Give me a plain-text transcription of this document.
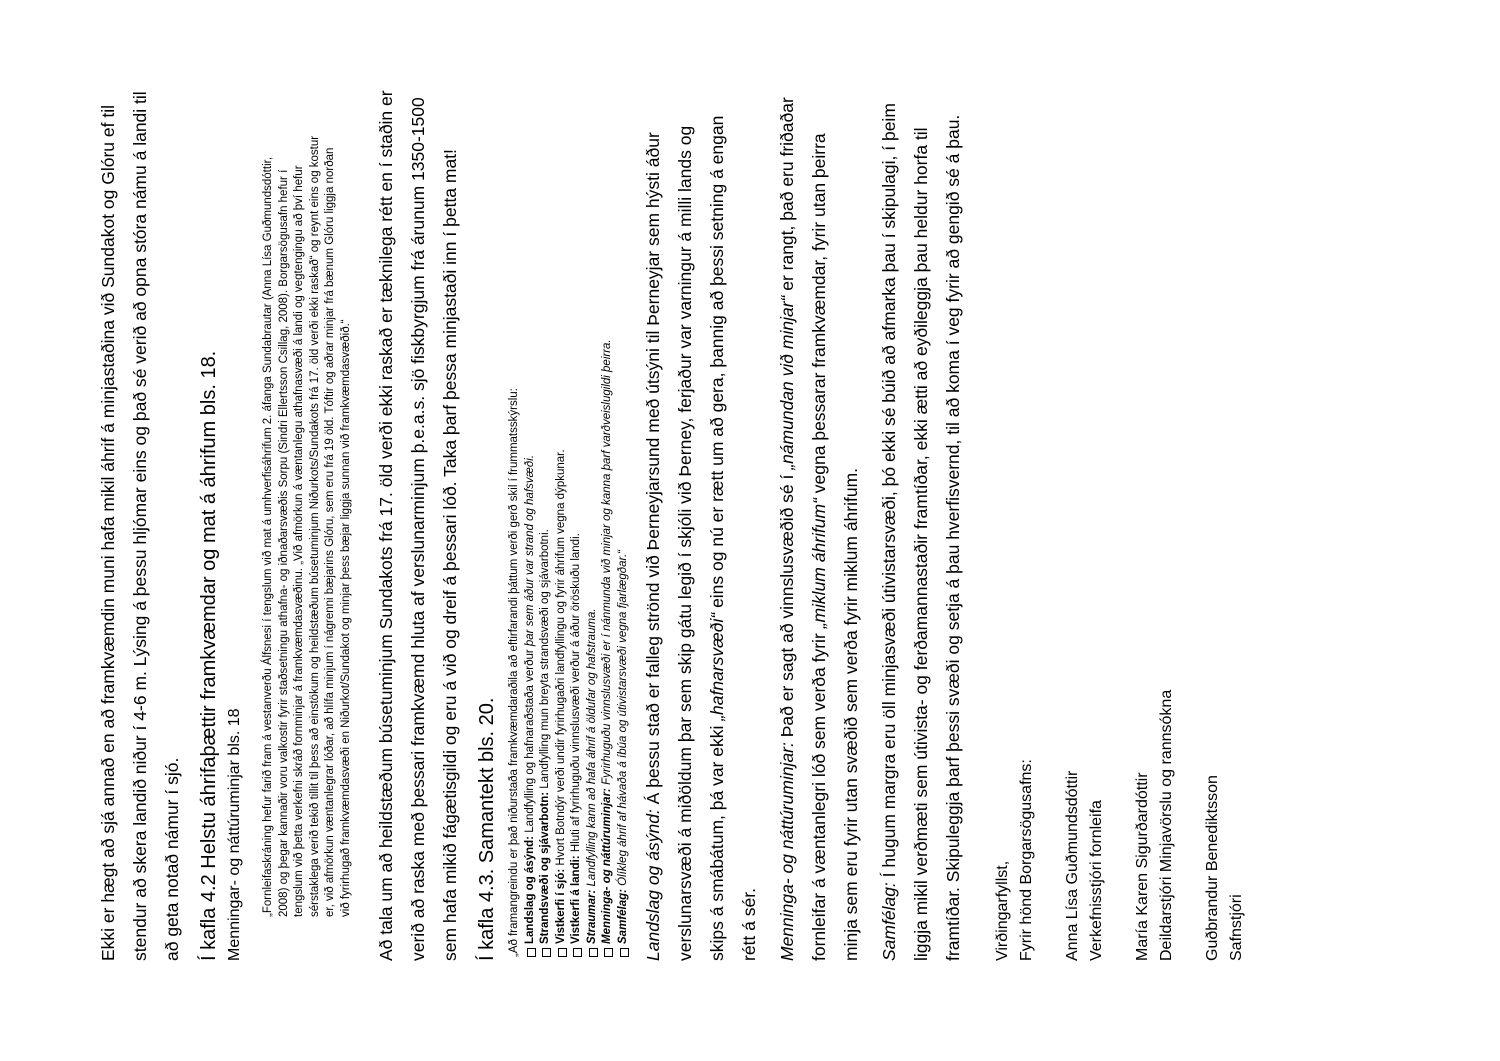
Ekki er hægt að sjá annað en að framkvæmdin muni hafa mikil áhrif á minjastaðina við Sundakot og Glóru ef til stendur að skera landið niður í 4-6 m. Lýsing á þessu hljómar eins og það sé verið að opna stóra námu á landi til að geta notað námur í sjó. Í kafla 4.2 Helstu áhrifaþættir framkvæmdar og mat á áhrifum bls. 18. Menningar- og náttúruminjar bls. 18	„Fornleifaskráning hefur farið fram á vestanverðu Álfsnesi í tengslum við mat á umhverfisáhrifum 2. áfanga Sundabrautar (Anna Lísa Guðmundsdóttir, 2008) og þegar kannaðir voru valkostir fyrir staðsetningu athafna- og iðnaðarsvæðis Sorpu (Sindri Ellertsson Csillag, 2008). Borgarsögusafn hefur í tengslum við þetta verkefni skráð fornminjar á framkvæmdasvæðinu. „Við afmörkun á væntanlegu athafnasvæði á landi og vegtengingu að því hefur sérstaklega verið tekið tillit til þess að einstökum og heildstæðum búsetuminjum Niðurkots/Sundakots frá 17. öld verði ekki raskað“ og reynt eins og kostur er, við afmörkun væntanlegrar lóðar, að hlífa minjum í nágrenni bæjarins Glóru, sem eru frá 19 öld. Tóftir og aðrar minjar frá bænum Glóru liggja norðan við fyrirhugað framkvæmdasvæði en Niðurkot/Sundakot og minjar þess bæjar liggja sunnan við framkvæmdasvæðið.“	Að tala um að heildstæðum búsetuminjum Sundakots frá 17. öld verði ekki raskað er tæknilega rétt en í staðin er verið að raska með þessari framkvæmd hluta af verslunarminjum þ.e.a.s. sjö fiskbyrgjum frá árunum 1350-1500 sem hafa mikið fágætisgildi og eru á við og dreif á þessari lóð. Taka þarf þessa minjastaði inn í þetta mat! Í kafla 4.3. Samantekt bls. 20. „Að framangreindu er það niðurstaða framkvæmdaraðila að eftirfarandi þáttum verði gerð skil í frummatsskýrslu: Landslag og ásýnd: Landfylling og hafnaraðstaða verður þar sem áður var strand og hafsvæði.
Strandsvæði og sjávarbotn: Landfylling mun breyta strandsvæði og sjávarbotni.
Vistkerfi í sjó: Hvort Botndýr verði undir fyrirhugaðri landfyllingu og fyrir áhrifum vegna dýpkunar.
Vistkerfi á landi: Hluti af fyrirhuguðu vinnslusvæði verður á áður öröskuðu landi.
Straumar: Landfylling kann að hafa áhrif á öldufar og hafstrauma. Menninga- og náttúruminjar: Fyrirhuguðu vinnslusvæði er í nánmunda við minjar og kanna þarf varðveislugildi þeirra.
Samfélag: Ólíkleg áhrif af hávaða á íbúa og útivistarsvæði vegna fjarlægðar.“ Landslag og ásýnd: Á þessu stað er falleg strönd við Þerneyjarsund með útsýni til Þerneyjar sem hýsti áður verslunarsvæði á miðöldum þar sem skip gátu legið í skjóli við Þerney, ferjaður var varningur á milli lands og skips á smábátum, þá var ekki „hafnarsvæði“ eins og nú er rætt um að gera, þannig að þessi setning á engan rétt á sér.	Menninga- og náttúruminjar: Það er sagt að vinnslusvæðið sé í „námundan við minjar“ er rangt, það eru friðaðar fornleifar á væntanlegri lóð sem verða fyrir „miklum áhrifum“ vegna þessarar framkvæmdar, fyrir utan þeirra minja sem eru fyrir utan svæðið sem verða fyrir miklum áhrifum.	Samfélag: Í hugum margra eru öll minjasvæði útivistarsvæði, þó ekki sé búið að afmarka þau í skipulagi, í þeim liggja mikil verðmæti sem útivista- og ferðamannastaðir framtíðar, ekki ætti að eyðileggja þau heldur horfa til framtíðar. Skipuleggja þarf þessi svæði og setja á þau hverfisvernd, til að koma í veg fyrir að gengið sé á þau.	Virðingarfyllst, Fyrir hönd Borgarsögusafns: Anna Lísa Guðmundsdóttir Verkefnisstjóri fornleifa María Karen Sigurðardóttir Deildarstjóri Minjavörslu og rannsókna Guðbrandur Benediktsson Safnstjóri
